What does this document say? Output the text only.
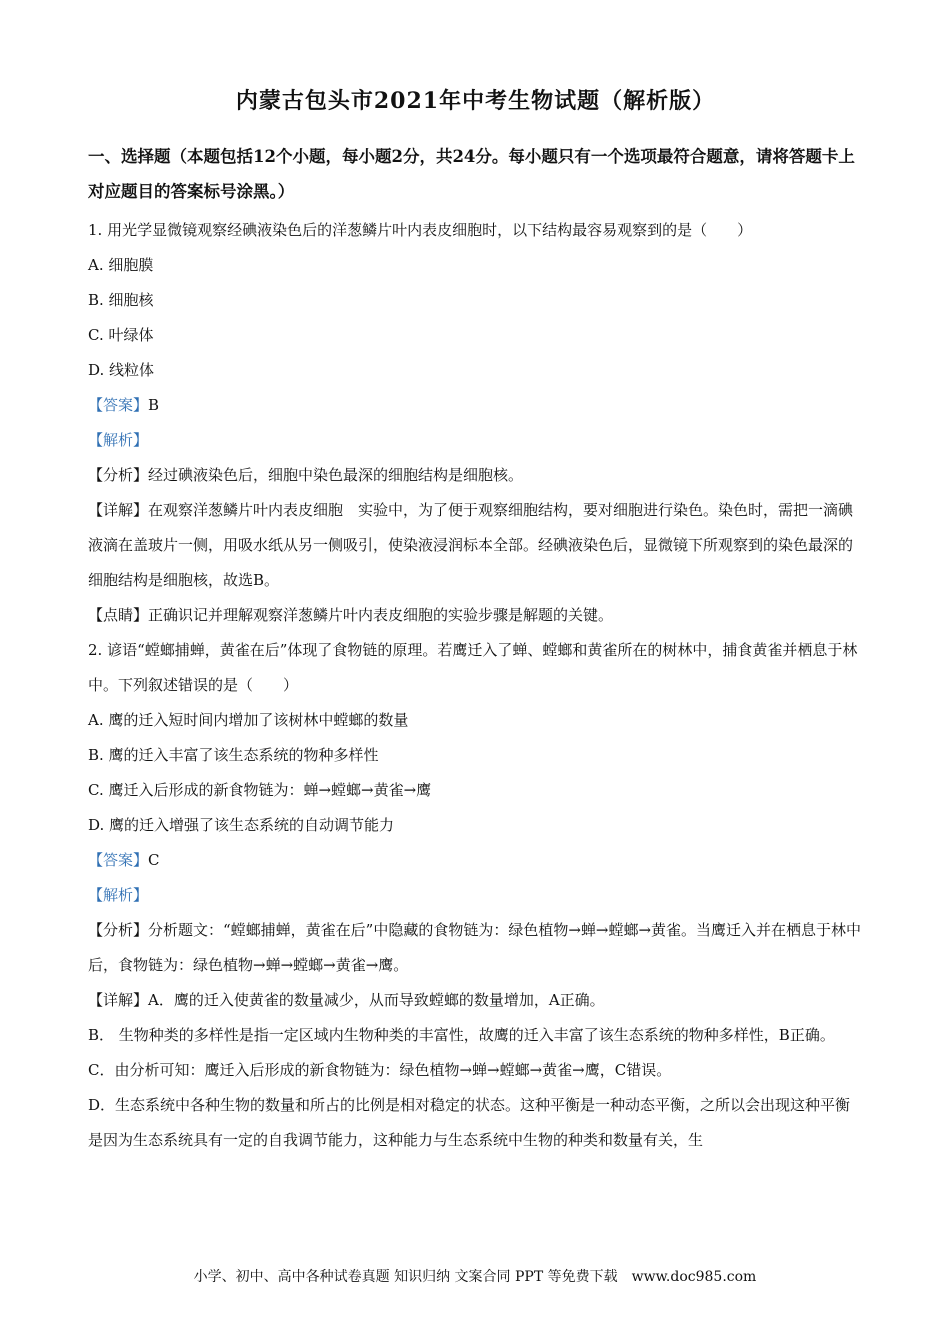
内蒙古包头市2021年中考生物试题（解析版）
一、选择题（本题包括12个小题，每小题2分，共24分。每小题只有一个选项最符合题意，请将答题卡上对应题目的答案标号涂黑。）

1. 用光学显微镜观察经碘液染色后的洋葱鳞片叶内表皮细胞时，以下结构最容易观察到的是（　　）

A. 细胞膜

B. 细胞核

C. 叶绿体

D. 线粒体

【答案】B

【解析】

【分析】经过碘液染色后，细胞中染色最深的细胞结构是细胞核。

【详解】在观察洋葱鳞片叶内表皮细胞　实验中，为了便于观察细胞结构，要对细胞进行染色。染色时，需把一滴碘液滴在盖玻片一侧，用吸水纸从另一侧吸引，使染液浸润标本全部。经碘液染色后，显微镜下所观察到的染色最深的细胞结构是细胞核，故选B。

【点睛】正确识记并理解观察洋葱鳞片叶内表皮细胞的实验步骤是解题的关键。

2. 谚语“螳螂捕蝉，黄雀在后”体现了食物链的原理。若鹰迁入了蝉、螳螂和黄雀所在的树林中，捕食黄雀并栖息于林中。下列叙述错误的是（　　）

A. 鹰的迁入短时间内增加了该树林中螳螂的数量

B. 鹰的迁入丰富了该生态系统的物种多样性

C. 鹰迁入后形成的新食物链为：蝉→螳螂→黄雀→鹰

D. 鹰的迁入增强了该生态系统的自动调节能力

【答案】C

【解析】

【分析】分析题文：“螳螂捕蝉，黄雀在后”中隐藏的食物链为：绿色植物→蝉→螳螂→黄雀。当鹰迁入并在栖息于林中后，食物链为：绿色植物→蝉→螳螂→黄雀→鹰。

【详解】A．鹰的迁入使黄雀的数量减少，从而导致螳螂的数量增加，A正确。

B． 生物种类的多样性是指一定区域内生物种类的丰富性，故鹰的迁入丰富了该生态系统的物种多样性，B正确。

C．由分析可知：鹰迁入后形成的新食物链为：绿色植物→蝉→螳螂→黄雀→鹰，C错误。

D．生态系统中各种生物的数量和所占的比例是相对稳定的状态。这种平衡是一种动态平衡，之所以会出现这种平衡是因为生态系统具有一定的自我调节能力，这种能力与生态系统中生物的种类和数量有关，生

小学、初中、高中各种试卷真题 知识归纳 文案合同 PPT 等免费下载　www.doc985.com
